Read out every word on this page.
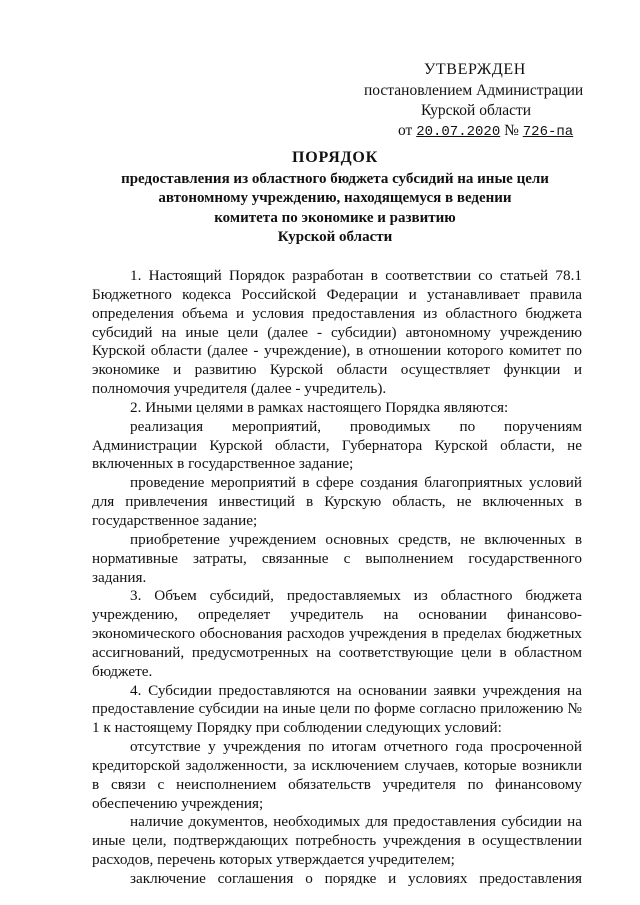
УТВЕРЖДЕН
постановлением Администрации
Курской области
от 20.07.2020 № 726-па
ПОРЯДОК
предоставления из областного бюджета субсидий на иные цели
автономному учреждению, находящемуся в ведении
комитета по экономике и развитию
Курской области

1. Настоящий Порядок разработан в соответствии со статьей 78.1 Бюджетного кодекса Российской Федерации и устанавливает правила определения объема и условия предоставления из областного бюджета субсидий на иные цели (далее - субсидии) автономному учреждению Курской области (далее - учреждение), в отношении которого комитет по экономике и развитию Курской области осуществляет функции и полномочия учредителя (далее - учредитель).

2. Иными целями в рамках настоящего Порядка являются:

реализация мероприятий, проводимых по поручениям Администрации Курской области, Губернатора Курской области, не включенных в государственное задание;

проведение мероприятий в сфере создания благоприятных условий для привлечения инвестиций в Курскую область, не включенных в государственное задание;

приобретение учреждением основных средств, не включенных в нормативные затраты, связанные с выполнением государственного задания.

3. Объем субсидий, предоставляемых из областного бюджета учреждению, определяет учредитель на основании финансово-экономического обоснования расходов учреждения в пределах бюджетных ассигнований, предусмотренных на соответствующие цели в областном бюджете.

4. Субсидии предоставляются на основании заявки учреждения на предоставление субсидии на иные цели по форме согласно приложению № 1 к настоящему Порядку при соблюдении следующих условий:

отсутствие у учреждения по итогам отчетного года просроченной кредиторской задолженности, за исключением случаев, которые возникли в связи с неисполнением обязательств учредителя по финансовому обеспечению учреждения;

наличие документов, необходимых для предоставления субсидии на иные цели, подтверждающих потребность учреждения в осуществлении расходов, перечень которых утверждается учредителем;

заключение соглашения о порядке и условиях предоставления
